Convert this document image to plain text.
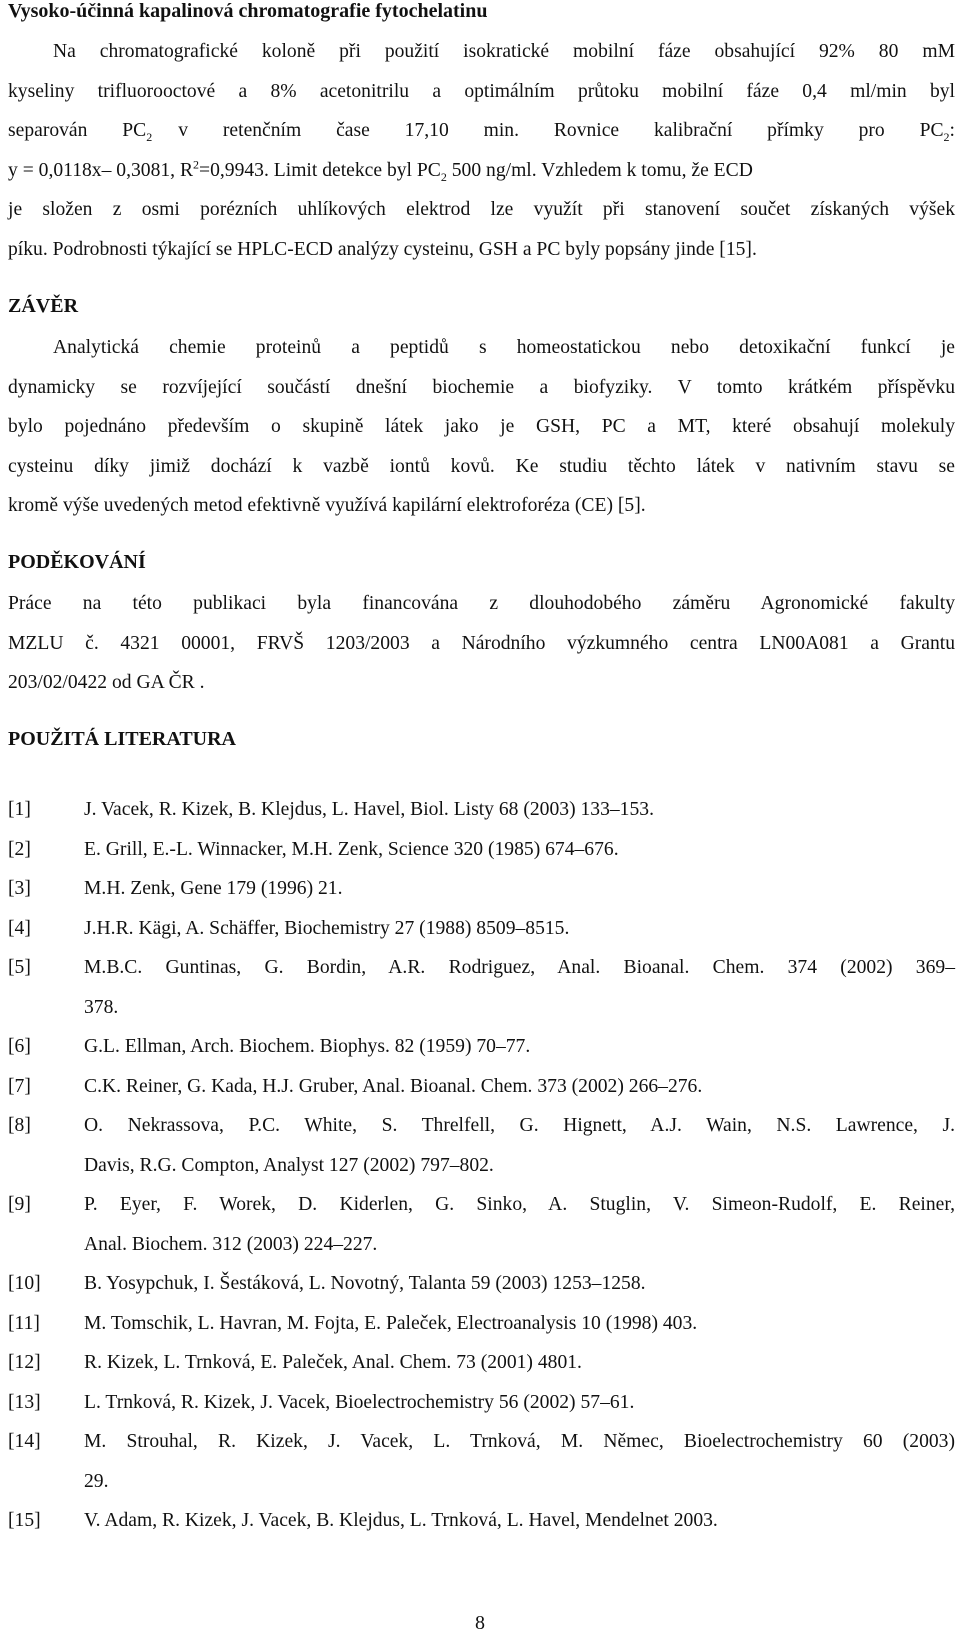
Vysoko-účinná kapalinová chromatografie fytochelatinu
Na chromatografické koloně při použití isokratické mobilní fáze obsahující 92% 80 mM
kyseliny trifluorooctové a 8% acetonitrilu a optimálním průtoku mobilní fáze 0,4 ml/min byl
separován $PC_2$ v retenčním čase 17,10 min. Rovnice kalibrační přímky pro $PC_2$:
y = 0,0118x– 0,3081, $R^2=0,9943$. Limit detekce byl $PC_2$ 500 ng/ml. Vzhledem k tomu, že ECD
je složen z osmi porézních uhlíkových elektrod lze využít při stanovení součet získaných výšek
píku. Podrobnosti týkající se HPLC-ECD analýzy cysteinu, GSH a PC byly popsány jinde [15].
ZÁVĚR
Analytická chemie proteinů a peptidů s homeostatickou nebo detoxikační funkcí je
dynamicky se rozvíjející součástí dnešní biochemie a biofyziky. V tomto krátkém příspěvku
bylo pojednáno především o skupině látek jako je GSH, PC a MT, které obsahují molekuly
cysteinu díky jimiž dochází k vazbě iontů kovů. Ke studiu těchto látek v nativním stavu se
kromě výše uvedených metod efektivně využívá kapilární elektroforéza (CE) [5].
PODĚKOVÁNÍ
Práce na této publikaci byla financována z dlouhodobého záměru Agronomické fakulty
MZLU č. 4321 00001, FRVŠ 1203/2003 a Národního výzkumného centra LN00A081 a Grantu
203/02/0422 od GA ČR .
POUŽITÁ LITERATURA
[1]	J. Vacek, R. Kizek, B. Klejdus, L. Havel, Biol. Listy 68 (2003) 133–153.
[2]	E. Grill, E.-L. Winnacker, M.H. Zenk, Science 320 (1985) 674–676.
[3]	M.H. Zenk, Gene 179 (1996) 21.
[4]	J.H.R. Kägi, A. Schäffer, Biochemistry 27 (1988) 8509–8515.
[5]	M.B.C. Guntinas, G. Bordin, A.R. Rodriguez, Anal. Bioanal. Chem. 374 (2002) 369–
378.
[6]	G.L. Ellman, Arch. Biochem. Biophys. 82 (1959) 70–77.
[7]	C.K. Reiner, G. Kada, H.J. Gruber, Anal. Bioanal. Chem. 373 (2002) 266–276.
[8]	O. Nekrassova, P.C. White, S. Threlfell, G. Hignett, A.J. Wain, N.S. Lawrence, J.
Davis, R.G. Compton, Analyst 127 (2002) 797–802.
[9]	P. Eyer, F. Worek, D. Kiderlen, G. Sinko, A. Stuglin, V. Simeon-Rudolf, E. Reiner,
Anal. Biochem. 312 (2003) 224–227.
[10] B. Yosypchuk, I. Šestáková, L. Novotný, Talanta 59 (2003) 1253–1258.
[11] M. Tomschik, L. Havran, M. Fojta, E. Paleček, Electroanalysis 10 (1998) 403.
[12] R. Kizek, L. Trnková, E. Paleček, Anal. Chem. 73 (2001) 4801.
[13] L. Trnková, R. Kizek, J. Vacek, Bioelectrochemistry 56 (2002) 57–61.
[14] M. Strouhal, R. Kizek, J. Vacek, L. Trnková, M. Němec, Bioelectrochemistry 60 (2003)
29.
[15] V. Adam, R. Kizek, J. Vacek, B. Klejdus, L. Trnková, L. Havel, Mendelnet 2003.
8
